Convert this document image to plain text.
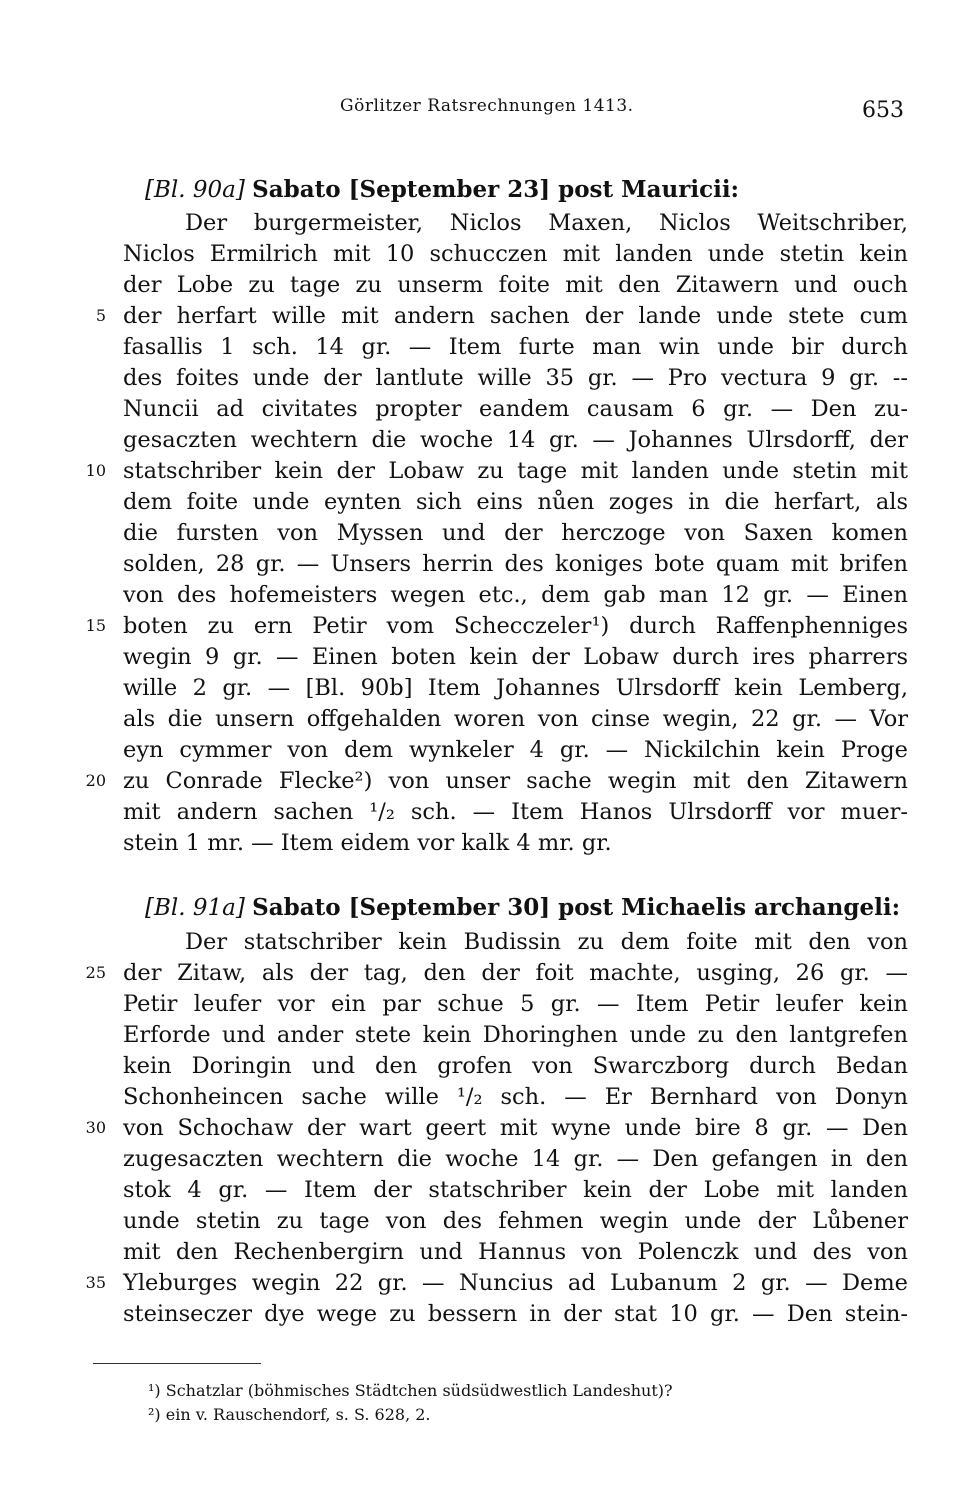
Görlitzer Ratsrechnungen 1413.	653
[Bl. 90a] Sabato [September 23] post Mauricii:
Der burgermeister, Niclos Maxen, Niclos Weitschriber,
Niclos Ermilrich mit 10 schucczen mit landen unde stetin kein
der Lobe zu tage zu unserm foite mit den Zitawern und ouch
der herfart wille mit andern sachen der lande unde stete cum
fasallis 1 sch. 14 gr. — Item furte man win unde bir durch
des foites unde der lantlute wille 35 gr. — Pro vectura 9 gr. --
Nuncii ad civitates propter eandem causam 6 gr. — Den zu-
gesaczten wechtern die woche 14 gr. — Johannes Ulrsdorff, der
statschriber kein der Lobaw zu tage mit landen unde stetin mit
dem foite unde eynten sich eins nůen zoges in die herfart, als
die fursten von Myssen und der herczoge von Saxen komen
solden, 28 gr. — Unsers herrin des koniges bote quam mit brifen
von des hofemeisters wegen etc., dem gab man 12 gr. — Einen
boten zu ern Petir vom Schecczeler¹) durch Raffenphenniges
wegin 9 gr. — Einen boten kein der Lobaw durch ires pharrers
wille 2 gr. — [Bl. 90b] Item Johannes Ulrsdorff kein Lemberg,
als die unsern offgehalden woren von cinse wegin, 22 gr. — Vor
eyn cymmer von dem wynkeler 4 gr. — Nickilchin kein Proge
zu Conrade Flecke²) von unser sache wegin mit den Zitawern
mit andern sachen ¹/₂ sch. — Item Hanos Ulrsdorff vor muer-
stein 1 mr. — Item eidem vor kalk 4 mr. gr.
[Bl. 91a] Sabato [September 30] post Michaelis archangeli:
Der statschriber kein Budissin zu dem foite mit den von
der Zitaw, als der tag, den der foit machte, usging, 26 gr. —
Petir leufer vor ein par schue 5 gr. — Item Petir leufer kein
Erforde und ander stete kein Dhoringhen unde zu den lantgrefen
kein Doringin und den grofen von Swarczborg durch Bedan
Schonheincen sache wille ¹/₂ sch. — Er Bernhard von Donyn
von Schochaw der wart geert mit wyne unde bire 8 gr. — Den
zugesaczten wechtern die woche 14 gr. — Den gefangen in den
stok 4 gr. — Item der statschriber kein der Lobe mit landen
unde stetin zu tage von des fehmen wegin unde der Lůbener
mit den Rechenbergirn und Hannus von Polenczk und des von
Yleburges wegin 22 gr. — Nuncius ad Lubanum 2 gr. — Deme
steinseczer dye wege zu bessern in der stat 10 gr. — Den stein-
5
10
15
20
25
30
35
¹) Schatzlar (böhmisches Städtchen südsüdwestlich Landeshut)?
²) ein v. Rauschendorf, s. S. 628, 2.
